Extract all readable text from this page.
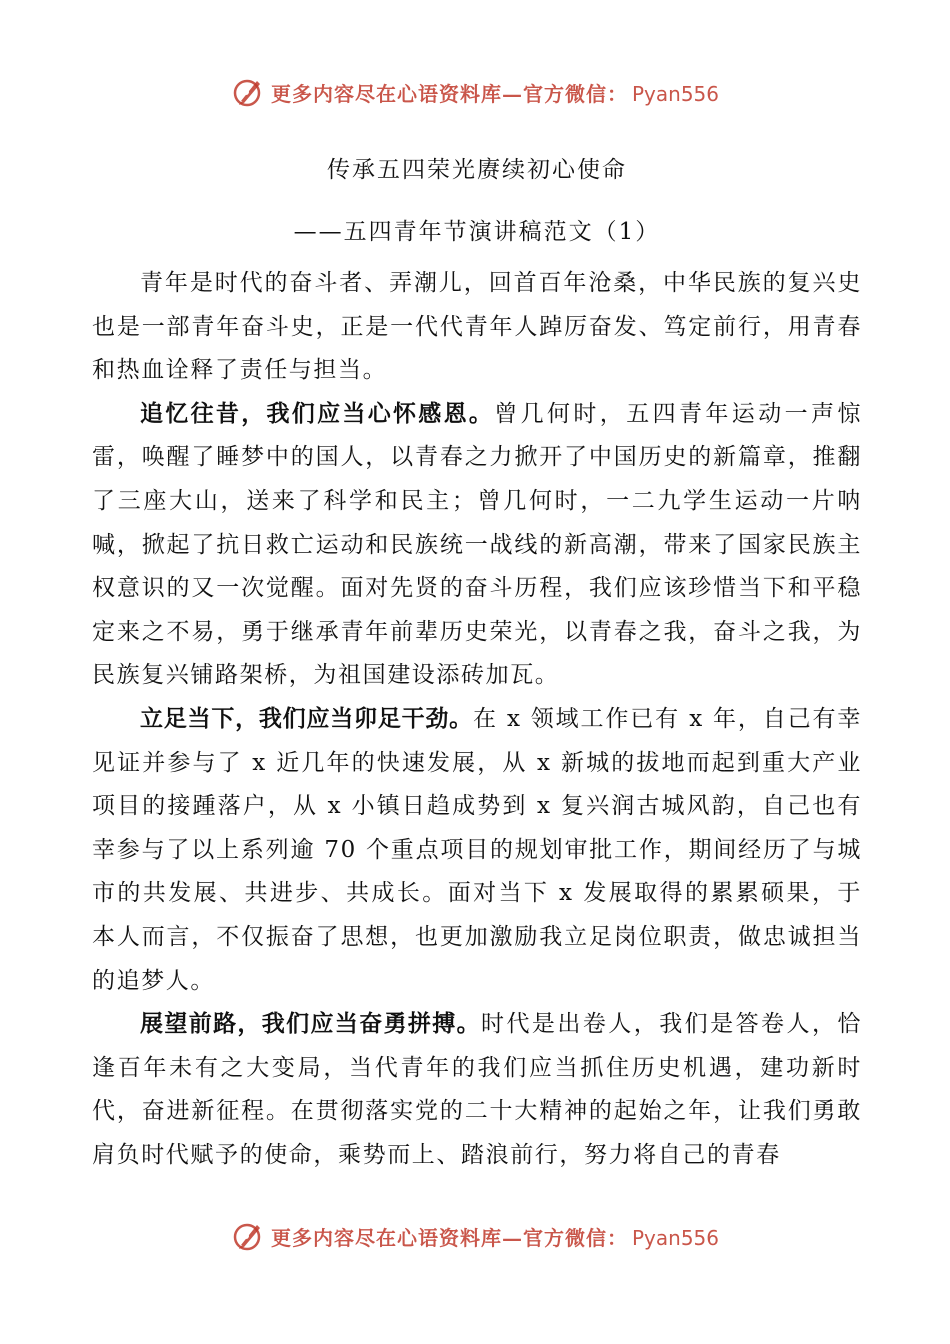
更多内容尽在心语资料库—官方微信： Pyan556
传承五四荣光赓续初心使命
——五四青年节演讲稿范文（1）

青年是时代的奋斗者、弄潮儿，回首百年沧桑，中华民族的复兴史也是一部青年奋斗史，正是一代代青年人踔厉奋发、笃定前行，用青春和热血诠释了责任与担当。

追忆往昔，我们应当心怀感恩。曾几何时，五四青年运动一声惊雷，唤醒了睡梦中的国人，以青春之力掀开了中国历史的新篇章，推翻了三座大山，送来了科学和民主；曾几何时，一二九学生运动一片呐喊，掀起了抗日救亡运动和民族统一战线的新高潮，带来了国家民族主权意识的又一次觉醒。面对先贤的奋斗历程，我们应该珍惜当下和平稳定来之不易，勇于继承青年前辈历史荣光，以青春之我，奋斗之我，为民族复兴铺路架桥，为祖国建设添砖加瓦。

立足当下，我们应当卯足干劲。在 x 领域工作已有 x 年，自己有幸见证并参与了 x 近几年的快速发展，从 x 新城的拔地而起到重大产业项目的接踵落户，从 x 小镇日趋成势到 x 复兴润古城风韵，自己也有幸参与了以上系列逾 70 个重点项目的规划审批工作，期间经历了与城市的共发展、共进步、共成长。面对当下 x 发展取得的累累硕果，于本人而言，不仅振奋了思想，也更加激励我立足岗位职责，做忠诚担当的追梦人。

展望前路，我们应当奋勇拼搏。时代是出卷人，我们是答卷人，恰逢百年未有之大变局，当代青年的我们应当抓住历史机遇，建功新时代，奋进新征程。在贯彻落实党的二十大精神的起始之年，让我们勇敢肩负时代赋予的使命，乘势而上、踏浪前行，努力将自己的青春

更多内容尽在心语资料库—官方微信： Pyan556
